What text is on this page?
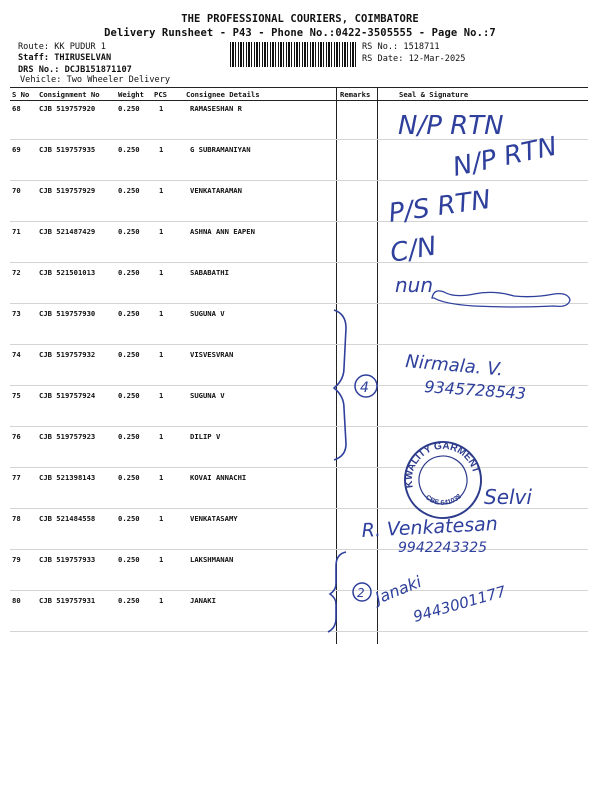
THE PROFESSIONAL COURIERS, COIMBATORE
Delivery Runsheet - P43 - Phone No.:0422-3505555 - Page No.:7
Route: KK PUDUR 1
Staff: THIRUSELVAN
DRS No.: DCJB151871107
Vehicle: Two Wheeler Delivery
RS No.: 1518711
RS Date: 12-Mar-2025
S No Consignment No	Weight PCS	Consignee Details	Remarks	Seal & Signature
68	CJB 519757920	0.250	1	RAMASESHAN R
69	CJB 519757935	0.250	1	G SUBRAMANIYAN
70	CJB 519757929	0.250	1	VENKATARAMAN
71	CJB 521487429	0.250	1	ASHNA ANN EAPEN
72	CJB 521501013	0.250	1	SABABATHI
73	CJB 519757930	0.250	1	SUGUNA V
74	CJB 519757932	0.250	1	VISVESVRAN
75	CJB 519757924	0.250	1	SUGUNA V
76	CJB 519757923	0.250	1	DILIP V
77	CJB 521398143	0.250	1	KOVAI ANNACHI
78	CJB 521484558	0.250	1	VENKATASAMY
79	CJB 519757933	0.250	1	LAKSHMANAN
80	CJB 519757931	0.250	1	JANAKI
N/P RTN
N/P RTN
P/S RTN
C/N
nun
4
Nirmala. V.
9345728543
KWALITY GARMENTS
CBE 641038 Selvi
R. Venkatesan
9942243325
2 Janaki
9443001177
